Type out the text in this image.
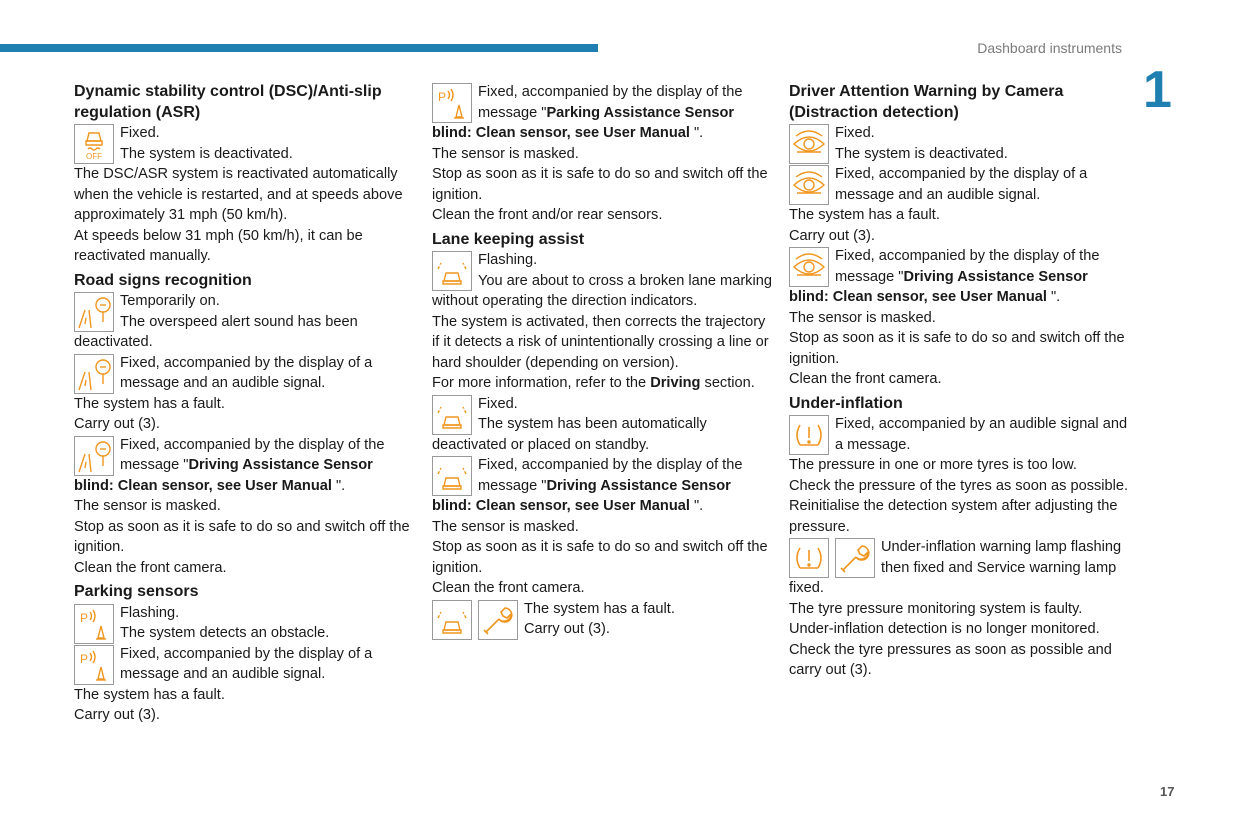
Dashboard instruments
1
17
Dynamic stability control (DSC)/Anti-slip regulation (ASR)
OFF

Fixed.

The system is deactivated.

The DSC/ASR system is reactivated automatically when the vehicle is restarted, and at speeds above approximately 31 mph (50 km/h).

At speeds below 31 mph (50 km/h), it can be reactivated manually.

Road signs recognition

Temporarily on.

The overspeed alert sound has been deactivated.

Fixed, accompanied by the display of a message and an audible signal.

The system has a fault.

Carry out (3).

Fixed, accompanied by the display of the message "Driving Assistance Sensor blind: Clean sensor, see User Manual ".

The sensor is masked.

Stop as soon as it is safe to do so and switch off the ignition.

Clean the front camera.

Parking sensors
P	Flashing.

The system detects an obstacle.

P	Fixed, accompanied by the display of a message and an audible signal.

The system has a fault.

Carry out (3).

P	Fixed, accompanied by the display of the message "Parking Assistance Sensor blind: Clean sensor, see User Manual ".

The sensor is masked.

Stop as soon as it is safe to do so and switch off the ignition.

Clean the front and/or rear sensors.

Lane keeping assist

Flashing.

You are about to cross a broken lane marking without operating the direction indicators.

The system is activated, then corrects the trajectory if it detects a risk of unintentionally crossing a line or hard shoulder (depending on version).

For more information, refer to the Driving section.

Fixed.

The system has been automatically deactivated or placed on standby.

Fixed, accompanied by the display of the message "Driving Assistance Sensor blind: Clean sensor, see User Manual ".

The sensor is masked.

Stop as soon as it is safe to do so and switch off the ignition.

Clean the front camera.

The system has a fault.

Carry out (3).

Driver Attention Warning by Camera (Distraction detection)

Fixed.

The system is deactivated.

Fixed, accompanied by the display of a message and an audible signal.

The system has a fault.

Carry out (3).

Fixed, accompanied by the display of the message "Driving Assistance Sensor blind: Clean sensor, see User Manual ".

The sensor is masked.

Stop as soon as it is safe to do so and switch off the ignition.

Clean the front camera.

Under-inflation

Fixed, accompanied by an audible signal and a message.

The pressure in one or more tyres is too low.

Check the pressure of the tyres as soon as possible.

Reinitialise the detection system after adjusting the pressure.

Under-inflation warning lamp flashing then fixed and Service warning lamp fixed.

The tyre pressure monitoring system is faulty.

Under-inflation detection is no longer monitored.

Check the tyre pressures as soon as possible and carry out (3).
